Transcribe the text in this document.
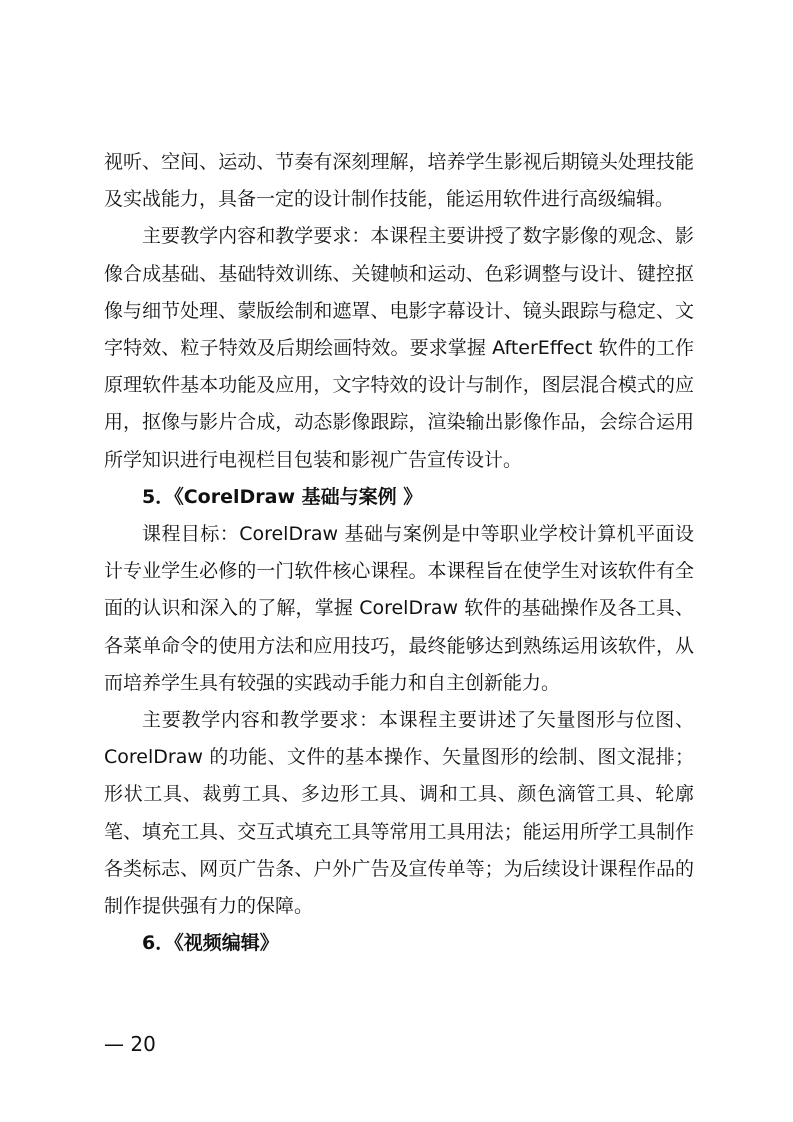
视听、空间、运动、节奏有深刻理解，培养学生影视后期镜头处理技能及实战能力，具备一定的设计制作技能，能运用软件进行高级编辑。

主要教学内容和教学要求：本课程主要讲授了数字影像的观念、影像合成基础、基础特效训练、关键帧和运动、色彩调整与设计、键控抠像与细节处理、蒙版绘制和遮罩、电影字幕设计、镜头跟踪与稳定、文字特效、粒子特效及后期绘画特效。要求掌握 AfterEffect 软件的工作原理软件基本功能及应用，文字特效的设计与制作，图层混合模式的应用，抠像与影片合成，动态影像跟踪，渲染输出影像作品，会综合运用所学知识进行电视栏目包装和影视广告宣传设计。

5．《CorelDraw 基础与案例 》

课程目标：CorelDraw 基础与案例是中等职业学校计算机平面设计专业学生必修的一门软件核心课程。本课程旨在使学生对该软件有全面的认识和深入的了解，掌握 CorelDraw 软件的基础操作及各工具、各菜单命令的使用方法和应用技巧，最终能够达到熟练运用该软件，从而培养学生具有较强的实践动手能力和自主创新能力。

主要教学内容和教学要求：本课程主要讲述了矢量图形与位图、CorelDraw 的功能、文件的基本操作、矢量图形的绘制、图文混排；形状工具、裁剪工具、多边形工具、调和工具、颜色滴管工具、轮廓笔、填充工具、交互式填充工具等常用工具用法；能运用所学工具制作各类标志、网页广告条、户外广告及宣传单等；为后续设计课程作品的制作提供强有力的保障。

6．《视频编辑》

— 20
